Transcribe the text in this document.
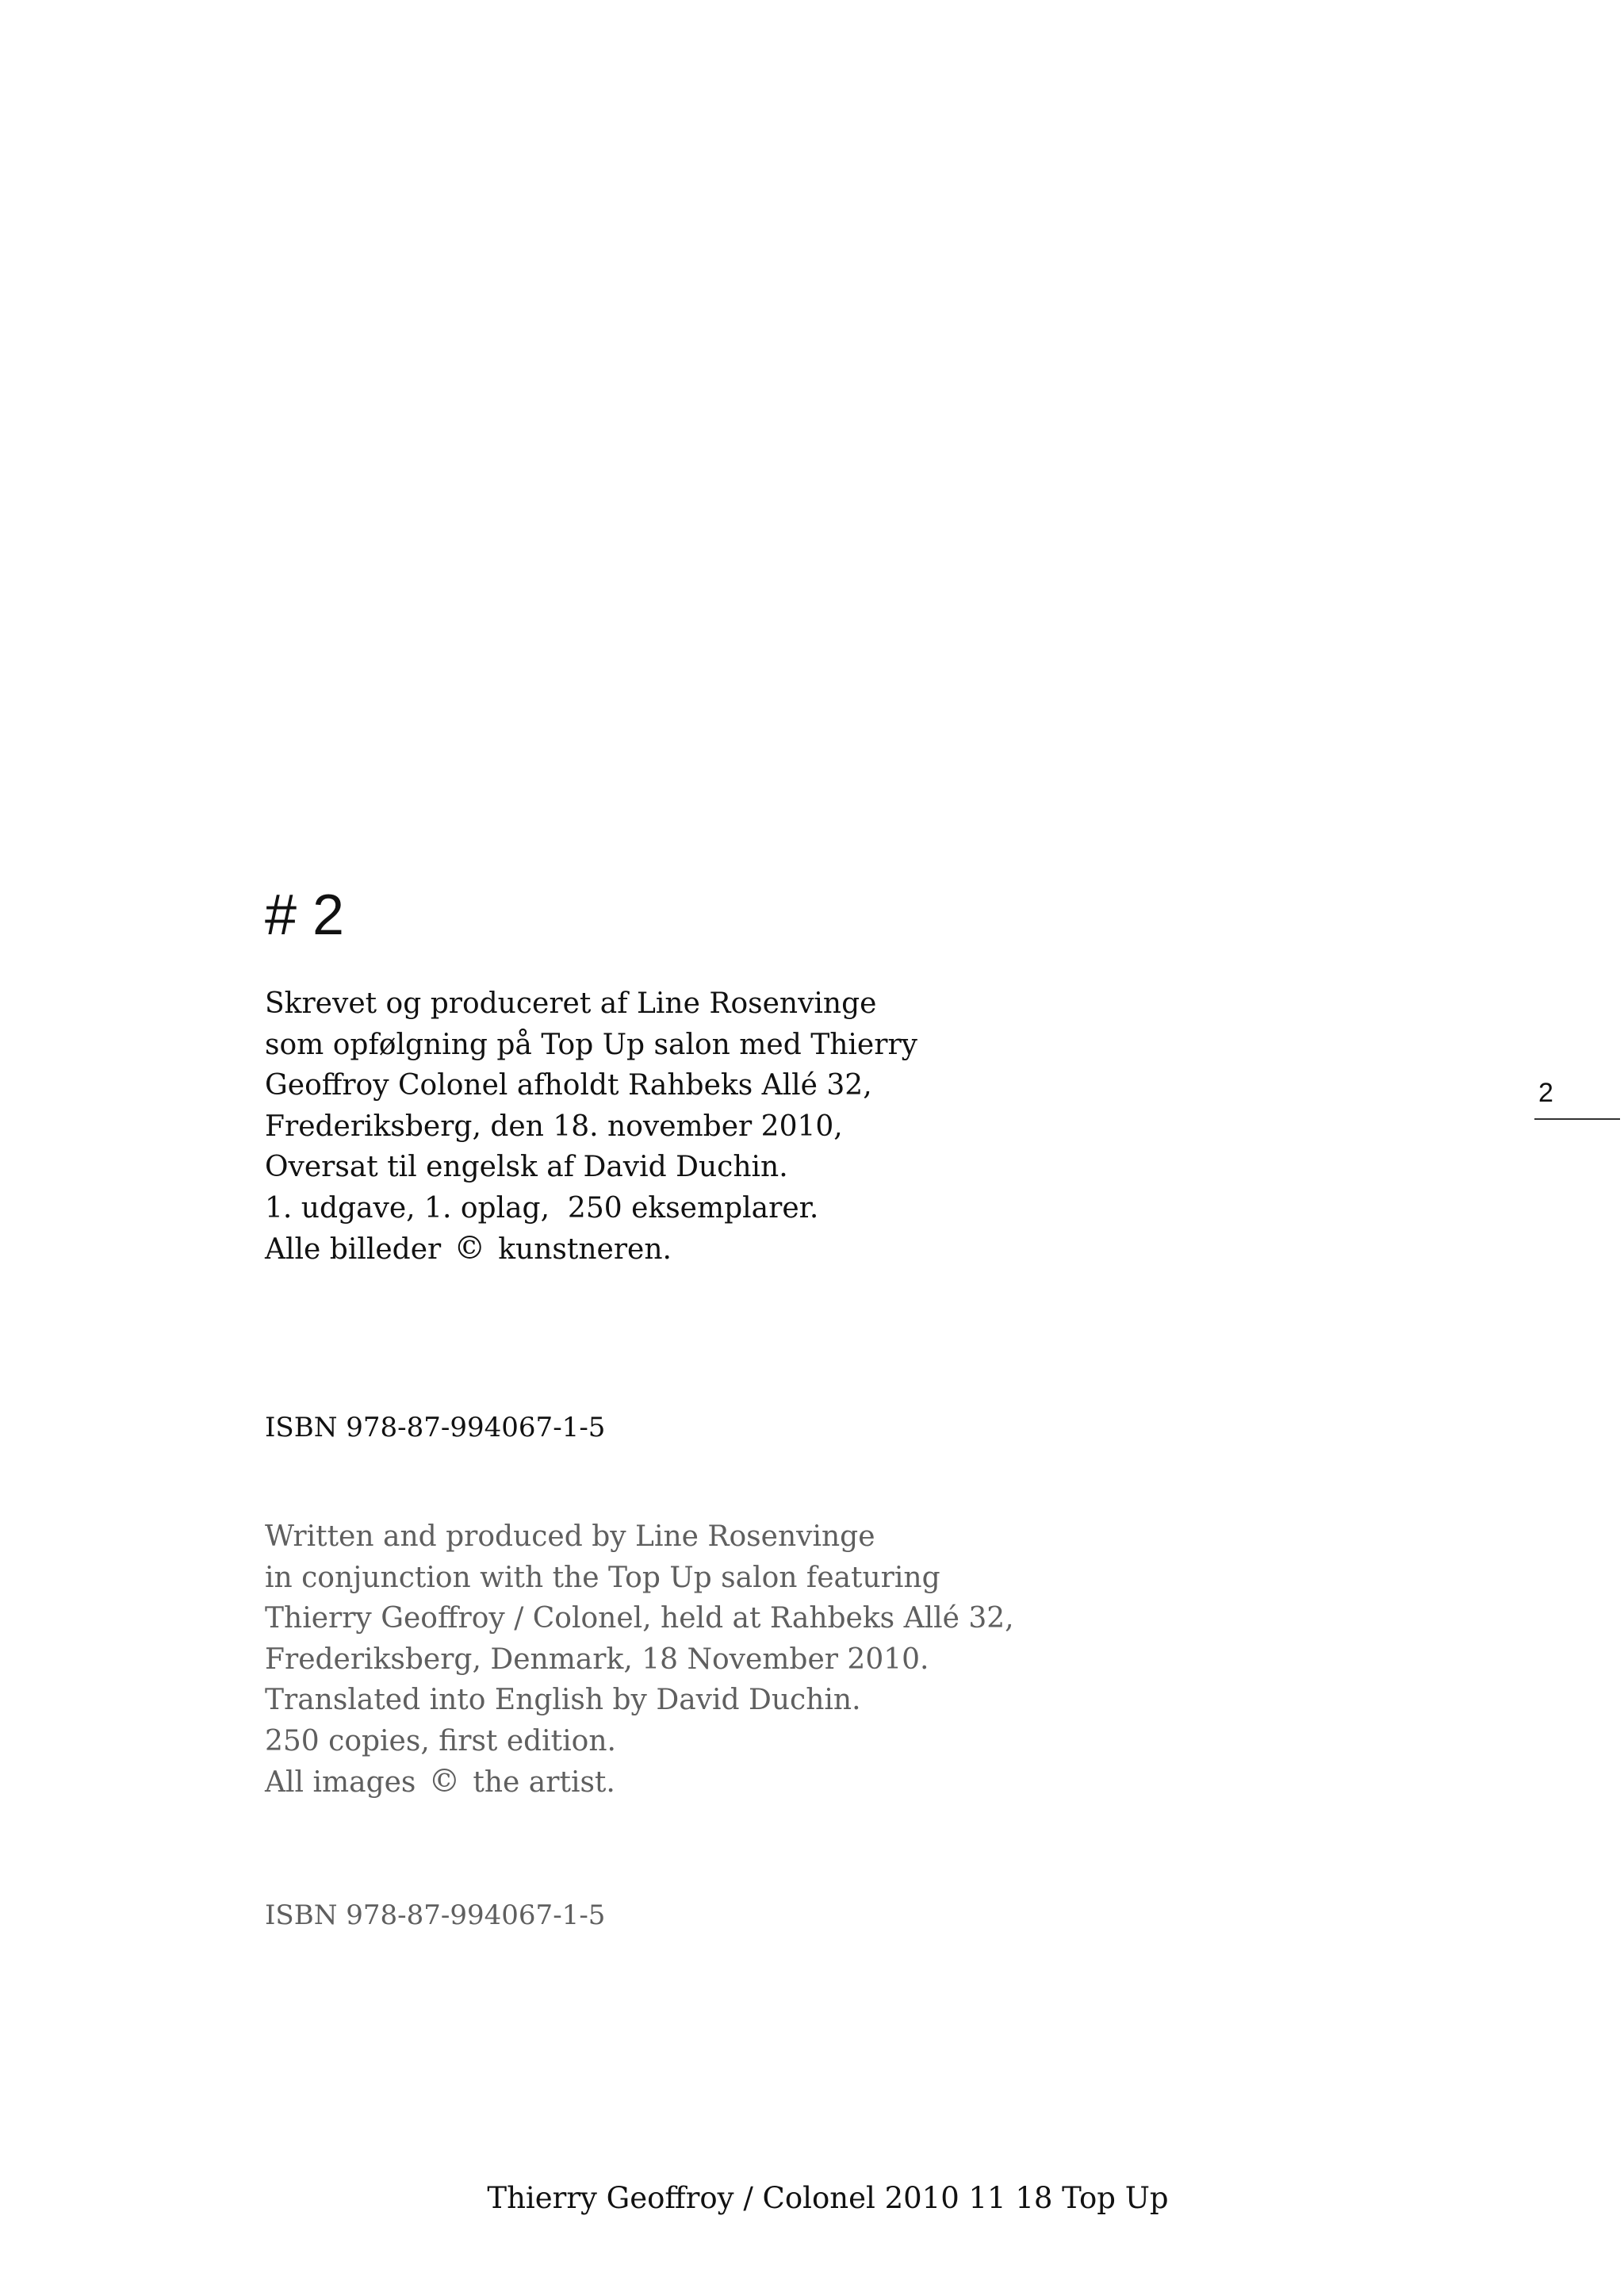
# 2
Skrevet og produceret af Line Rosenvinge
som opfølgning på Top Up salon med Thierry
Geoffroy Colonel afholdt Rahbeks Allé 32,
Frederiksberg, den 18. november 2010,
Oversat til engelsk af David Duchin.
1. udgave, 1. oplag,  250 eksemplarer.
Alle billeder © kunstneren.
ISBN 978-87-994067-1-5
Written and produced by Line Rosenvinge
in conjunction with the Top Up salon featuring
Thierry Geoffroy / Colonel, held at Rahbeks Allé 32,
Frederiksberg, Denmark, 18 November 2010.
Translated into English by David Duchin.
250 copies, first edition.
All images © the artist.
ISBN 978-87-994067-1-5
2
Thierry Geoffroy / Colonel 2010 11 18 Top Up
